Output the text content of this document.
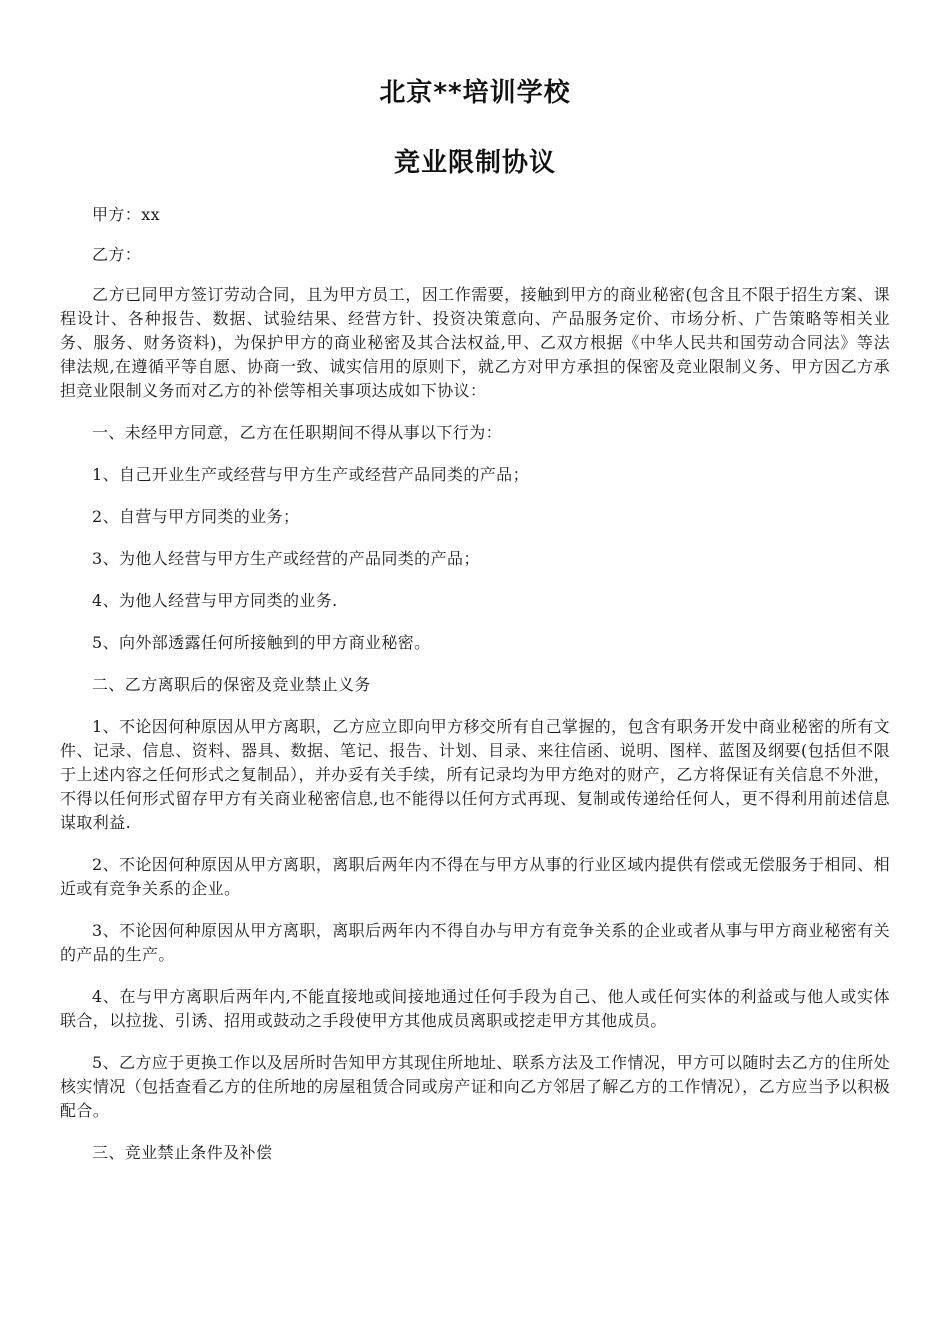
北京**培训学校
竞业限制协议

甲方：xx

乙方：

乙方已同甲方签订劳动合同，且为甲方员工，因工作需要，接触到甲方的商业秘密(包含且不限于招生方案、课程设计、各种报告、数据、试验结果、经营方针、投资决策意向、产品服务定价、市场分析、广告策略等相关业务、服务、财务资料)，为保护甲方的商业秘密及其合法权益,甲、乙双方根据《中华人民共和国劳动合同法》等法律法规,在遵循平等自愿、协商一致、诚实信用的原则下，就乙方对甲方承担的保密及竞业限制义务、甲方因乙方承担竞业限制义务而对乙方的补偿等相关事项达成如下协议：

一、未经甲方同意，乙方在任职期间不得从事以下行为：

1、自己开业生产或经营与甲方生产或经营产品同类的产品；

2、自营与甲方同类的业务；

3、为他人经营与甲方生产或经营的产品同类的产品；

4、为他人经营与甲方同类的业务.

5、向外部透露任何所接触到的甲方商业秘密。

二、乙方离职后的保密及竞业禁止义务

1、不论因何种原因从甲方离职，乙方应立即向甲方移交所有自己掌握的，包含有职务开发中商业秘密的所有文件、记录、信息、资料、器具、数据、笔记、报告、计划、目录、来往信函、说明、图样、蓝图及纲要(包括但不限于上述内容之任何形式之复制品），并办妥有关手续，所有记录均为甲方绝对的财产，乙方将保证有关信息不外泄，不得以任何形式留存甲方有关商业秘密信息,也不能得以任何方式再现、复制或传递给任何人，更不得利用前述信息谋取利益.

2、不论因何种原因从甲方离职，离职后两年内不得在与甲方从事的行业区域内提供有偿或无偿服务于相同、相近或有竞争关系的企业。

3、不论因何种原因从甲方离职，离职后两年内不得自办与甲方有竞争关系的企业或者从事与甲方商业秘密有关的产品的生产。

4、在与甲方离职后两年内,不能直接地或间接地通过任何手段为自己、他人或任何实体的利益或与他人或实体联合，以拉拢、引诱、招用或鼓动之手段使甲方其他成员离职或挖走甲方其他成员。

5、乙方应于更换工作以及居所时告知甲方其现住所地址、联系方法及工作情况，甲方可以随时去乙方的住所处核实情况（包括查看乙方的住所地的房屋租赁合同或房产证和向乙方邻居了解乙方的工作情况），乙方应当予以积极配合。

三、竞业禁止条件及补偿
